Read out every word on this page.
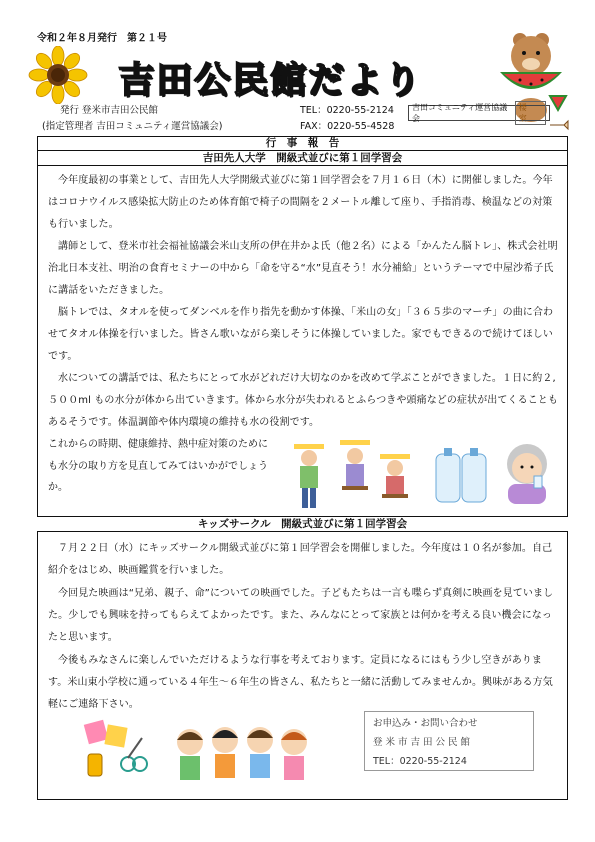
令和２年８月発行　第２１号
吉田公民館だより
発行 登米市吉田公民館
(指定管理者 吉田コミュニティ運営協議会)
TEL：0220-55-2124
FAX：0220-55-4528
吉田コミュニティ運営協議会
楼　室
行　事　報　告
吉田先人大学　開級式並びに第１回学習会
今年度最初の事業として、吉田先人大学開級式並びに第１回学習会を７月１６日（木）に開催しました。今年はコロナウイルス感染拡大防止のため体育館で椅子の間隔を２メートル離して座り、手指消毒、検温などの対策も行いました。
講師として、登米市社会福祉協議会米山支所の伊在井かよ氏（他２名）による「かんたん脳トレ」、株式会社明治北日本支社、明治の食育セミナーの中から「命を守る“水”見直そう！水分補給」というテーマで中屋沙希子氏に講話をいただきました。
脳トレでは、タオルを使ってダンベルを作り指先を動かす体操、「米山の女」「３６５歩のマーチ」の曲に合わせてタオル体操を行いました。皆さん歌いながら楽しそうに体操していました。家でもできるので続けてほしいです。
水についての講話では、私たちにとって水がどれだけ大切なのかを改めて学ぶことができました。１日に約２,５００ml もの水分が体から出ていきます。体から水分が失われるとふらつきや頭痛などの症状が出てくることもあるそうです。体温調節や体内環境の維持も水の役割です。
これからの時期、健康維持、熱中症対策のためにも水分の取り方を見直してみてはいかがでしょうか。
キッズサークル　開級式並びに第１回学習会
７月２２日（水）にキッズサークル開級式並びに第１回学習会を開催しました。今年度は１０名が参加。自己紹介をはじめ、映画鑑賞を行いました。
今回見た映画は“兄弟、親子、命”についての映画でした。子どもたちは一言も喋らず真剣に映画を見ていました。少しでも興味を持ってもらえてよかったです。また、みんなにとって家族とは何かを考える良い機会になったと思います。
今後もみなさんに楽しんでいただけるような行事を考えております。定員になるにはもう少し空きがあります。米山東小学校に通っている４年生～６年生の皆さん、私たちと一緒に活動してみませんか。興味がある方気軽にご連絡下さい。
お申込み・お問い合わせ
登米市吉田公民館
TEL：0220-55-2124
